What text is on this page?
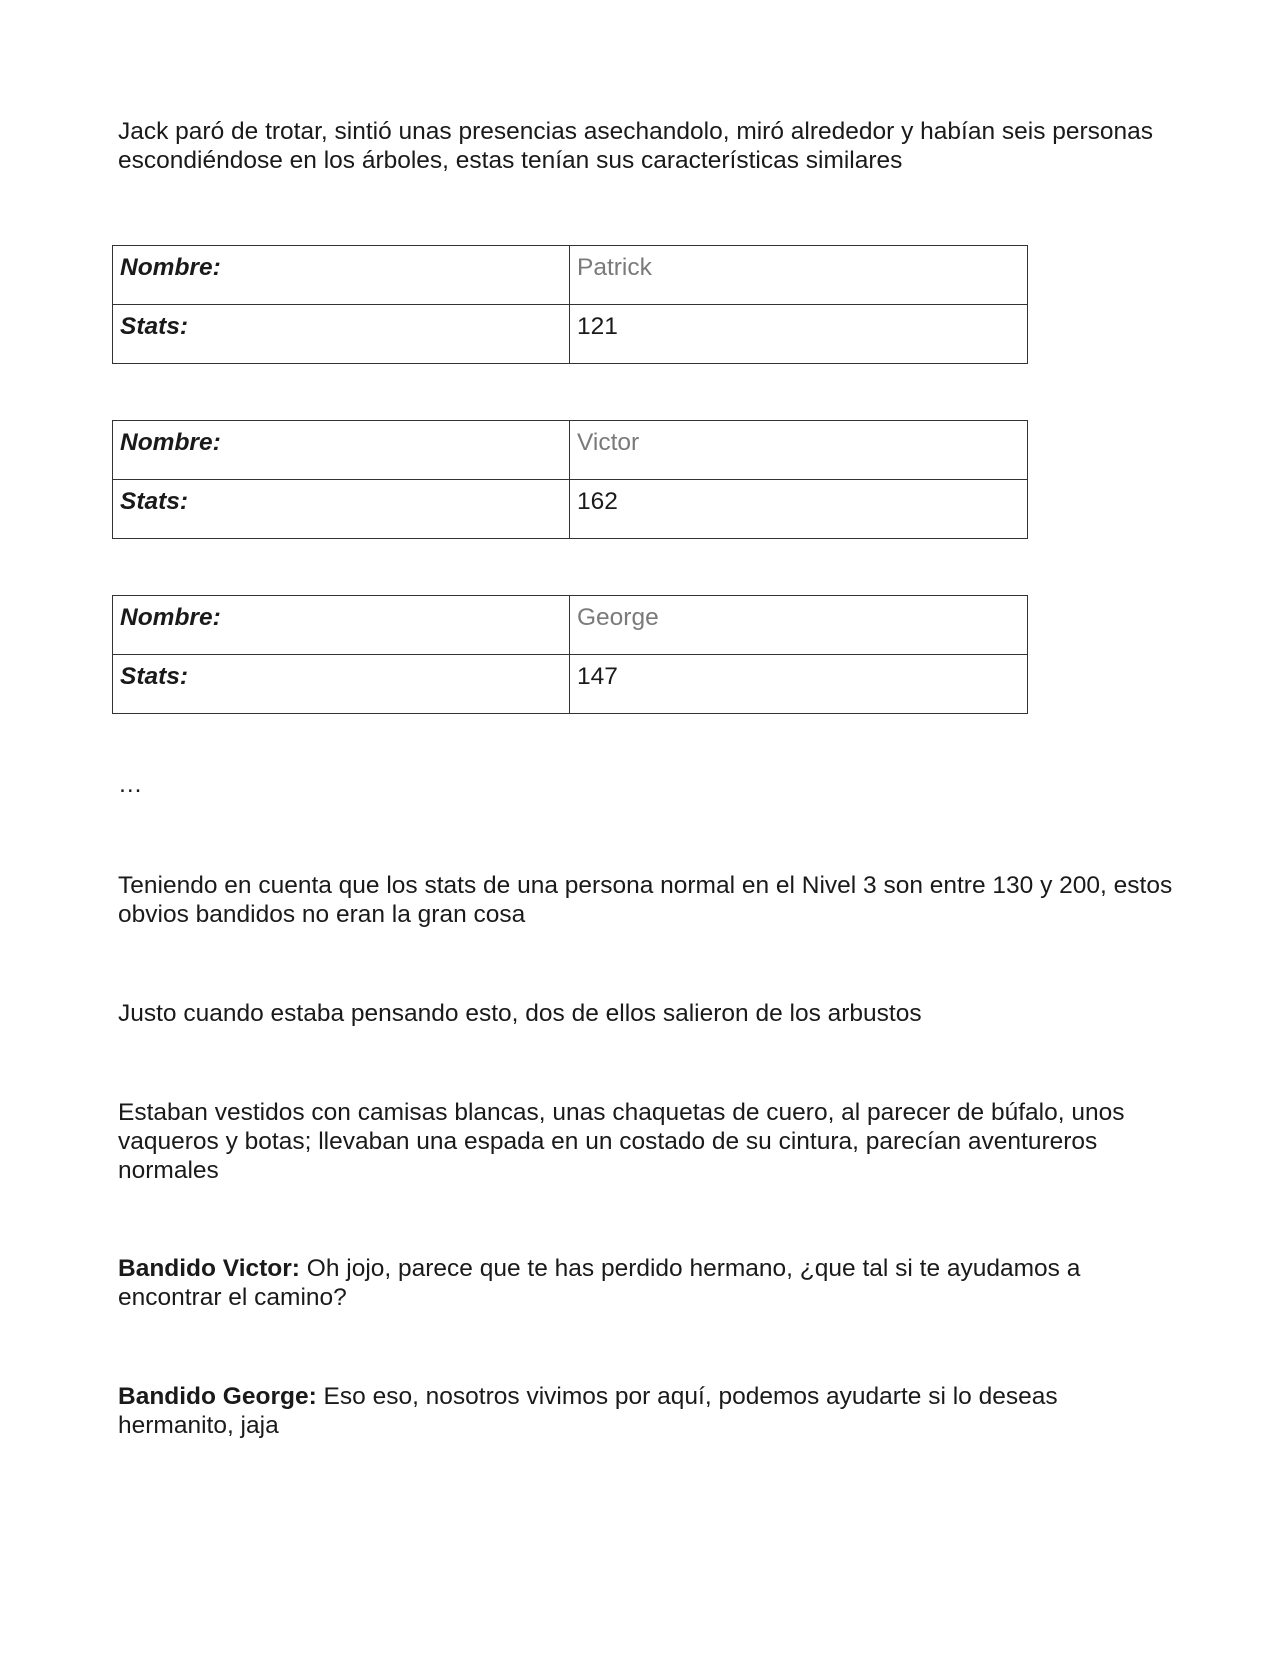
Jack paró de trotar, sintió unas presencias asechandolo, miró alrededor y habían seis personas escondiéndose en los árboles, estas tenían sus características similares

Nombre:	Patrick
Stats:	121
Nombre:	Victor
Stats:	162
Nombre:	George
Stats:	147
…

Teniendo en cuenta que los stats de una persona normal en el Nivel 3 son entre 130 y 200, estos obvios bandidos no eran la gran cosa

Justo cuando estaba pensando esto, dos de ellos salieron de los arbustos

Estaban vestidos con camisas blancas, unas chaquetas de cuero, al parecer de búfalo, unos vaqueros y botas; llevaban una espada en un costado de su cintura, parecían aventureros normales

Bandido Victor: Oh jojo, parece que te has perdido hermano, ¿que tal si te ayudamos a encontrar el camino?

Bandido George: Eso eso, nosotros vivimos por aquí, podemos ayudarte si lo deseas hermanito, jaja
